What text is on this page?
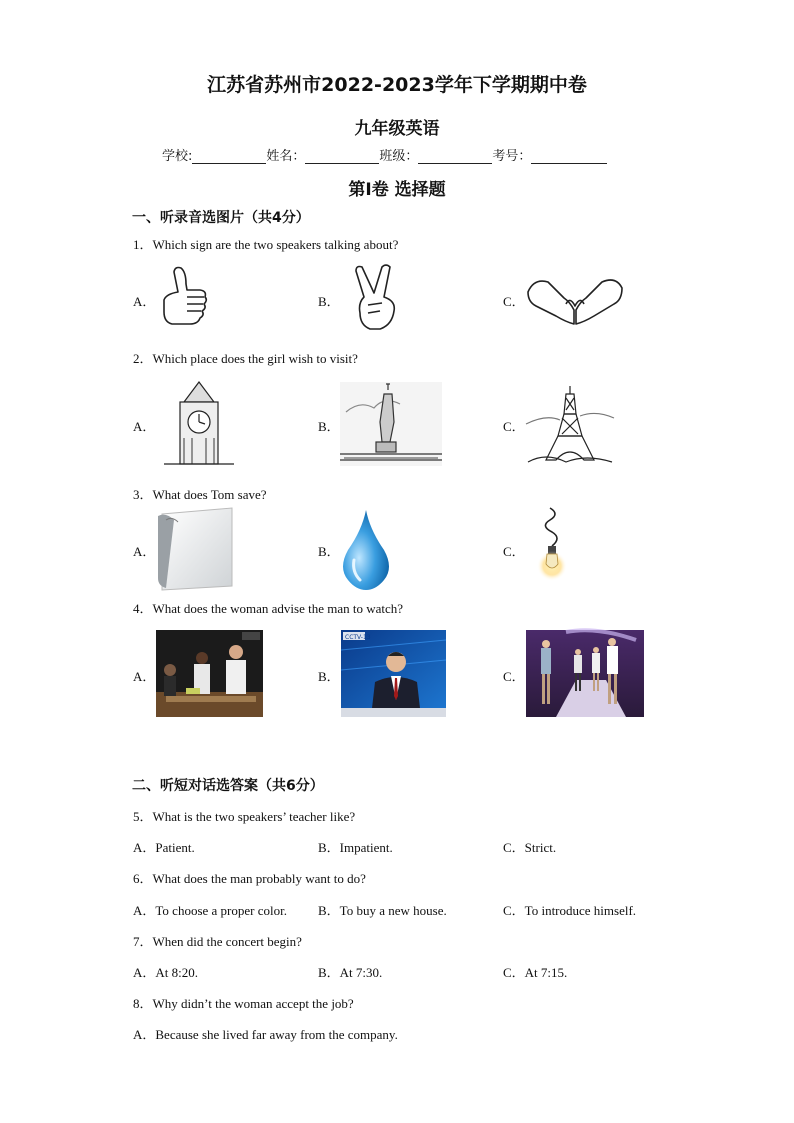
江苏省苏州市2022-2023学年下学期期中卷
九年级英语
学校:	姓名：	班级：	考号：
第Ⅰ卷 选择题
一、听录音选图片（共4分）
1．Which sign are the two speakers talking about?
A．	B．	C．
2．Which place does the girl wish to visit?
A．	B．	C．
3．What does Tom save?
A．	B．	C．
4．What does the woman advise the man to watch?
A．	B．	C．
CCTV-13
二、听短对话选答案（共6分）
5．What is the two speakers’ teacher like?
A．Patient.	B．Impatient.	C．Strict.
6．What does the man probably want to do?
A．To choose a proper color. B．To buy a new house.	C．To introduce himself.
7．When did the concert begin?
A．At 8:20.	B．At 7:30.	C．At 7:15.
8．Why didn’t the woman accept the job?
A．Because she lived far away from the company.
